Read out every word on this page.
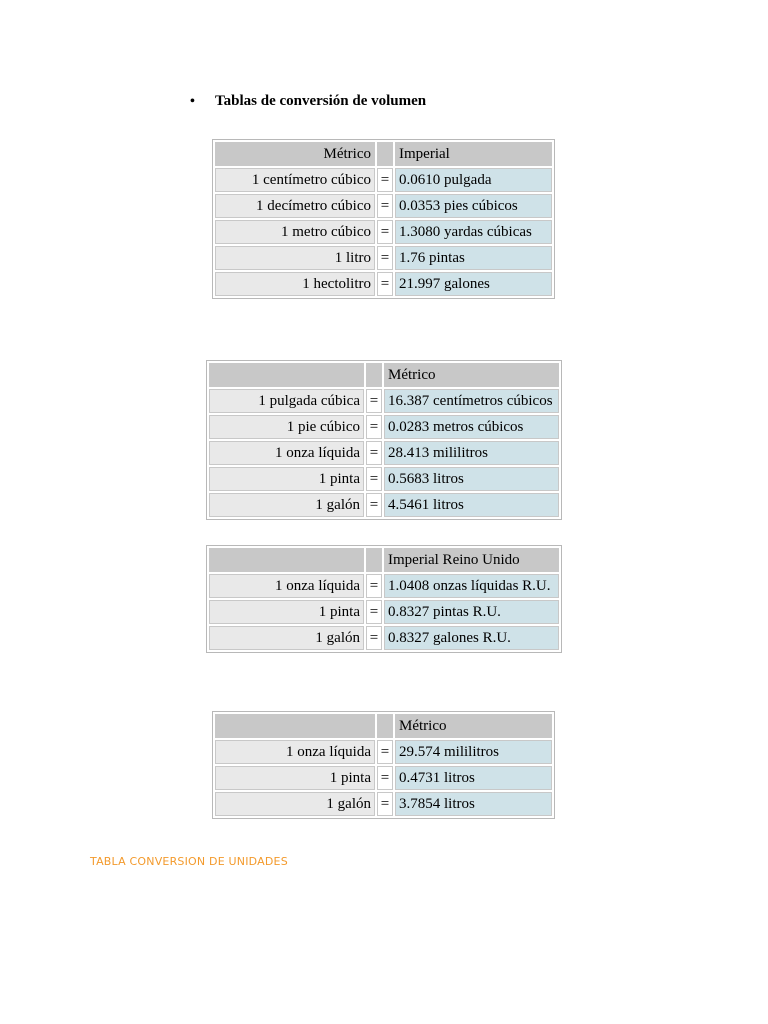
•	Tablas de conversión de volumen
Métrico		Imperial
1 centímetro cúbico	=	0.0610 pulgada
1 decímetro cúbico	=	0.0353 pies cúbicos
1 metro cúbico	=	1.3080 yardas cúbicas
1 litro	=	1.76 pintas
1 hectolitro	=	21.997 galones
		Métrico
1 pulgada cúbica	=	16.387 centímetros cúbicos
1 pie cúbico	=	0.0283 metros cúbicos
1 onza líquida	=	28.413 mililitros
1 pinta	=	0.5683 litros
1 galón	=	4.5461 litros
		Imperial Reino Unido
1 onza líquida	=	1.0408 onzas líquidas R.U.
1 pinta	=	0.8327 pintas R.U.
1 galón	=	0.8327 galones R.U.
		Métrico
1 onza líquida	=	29.574 mililitros
1 pinta	=	0.4731 litros
1 galón	=	3.7854 litros
TABLA CONVERSION DE UNIDADES
